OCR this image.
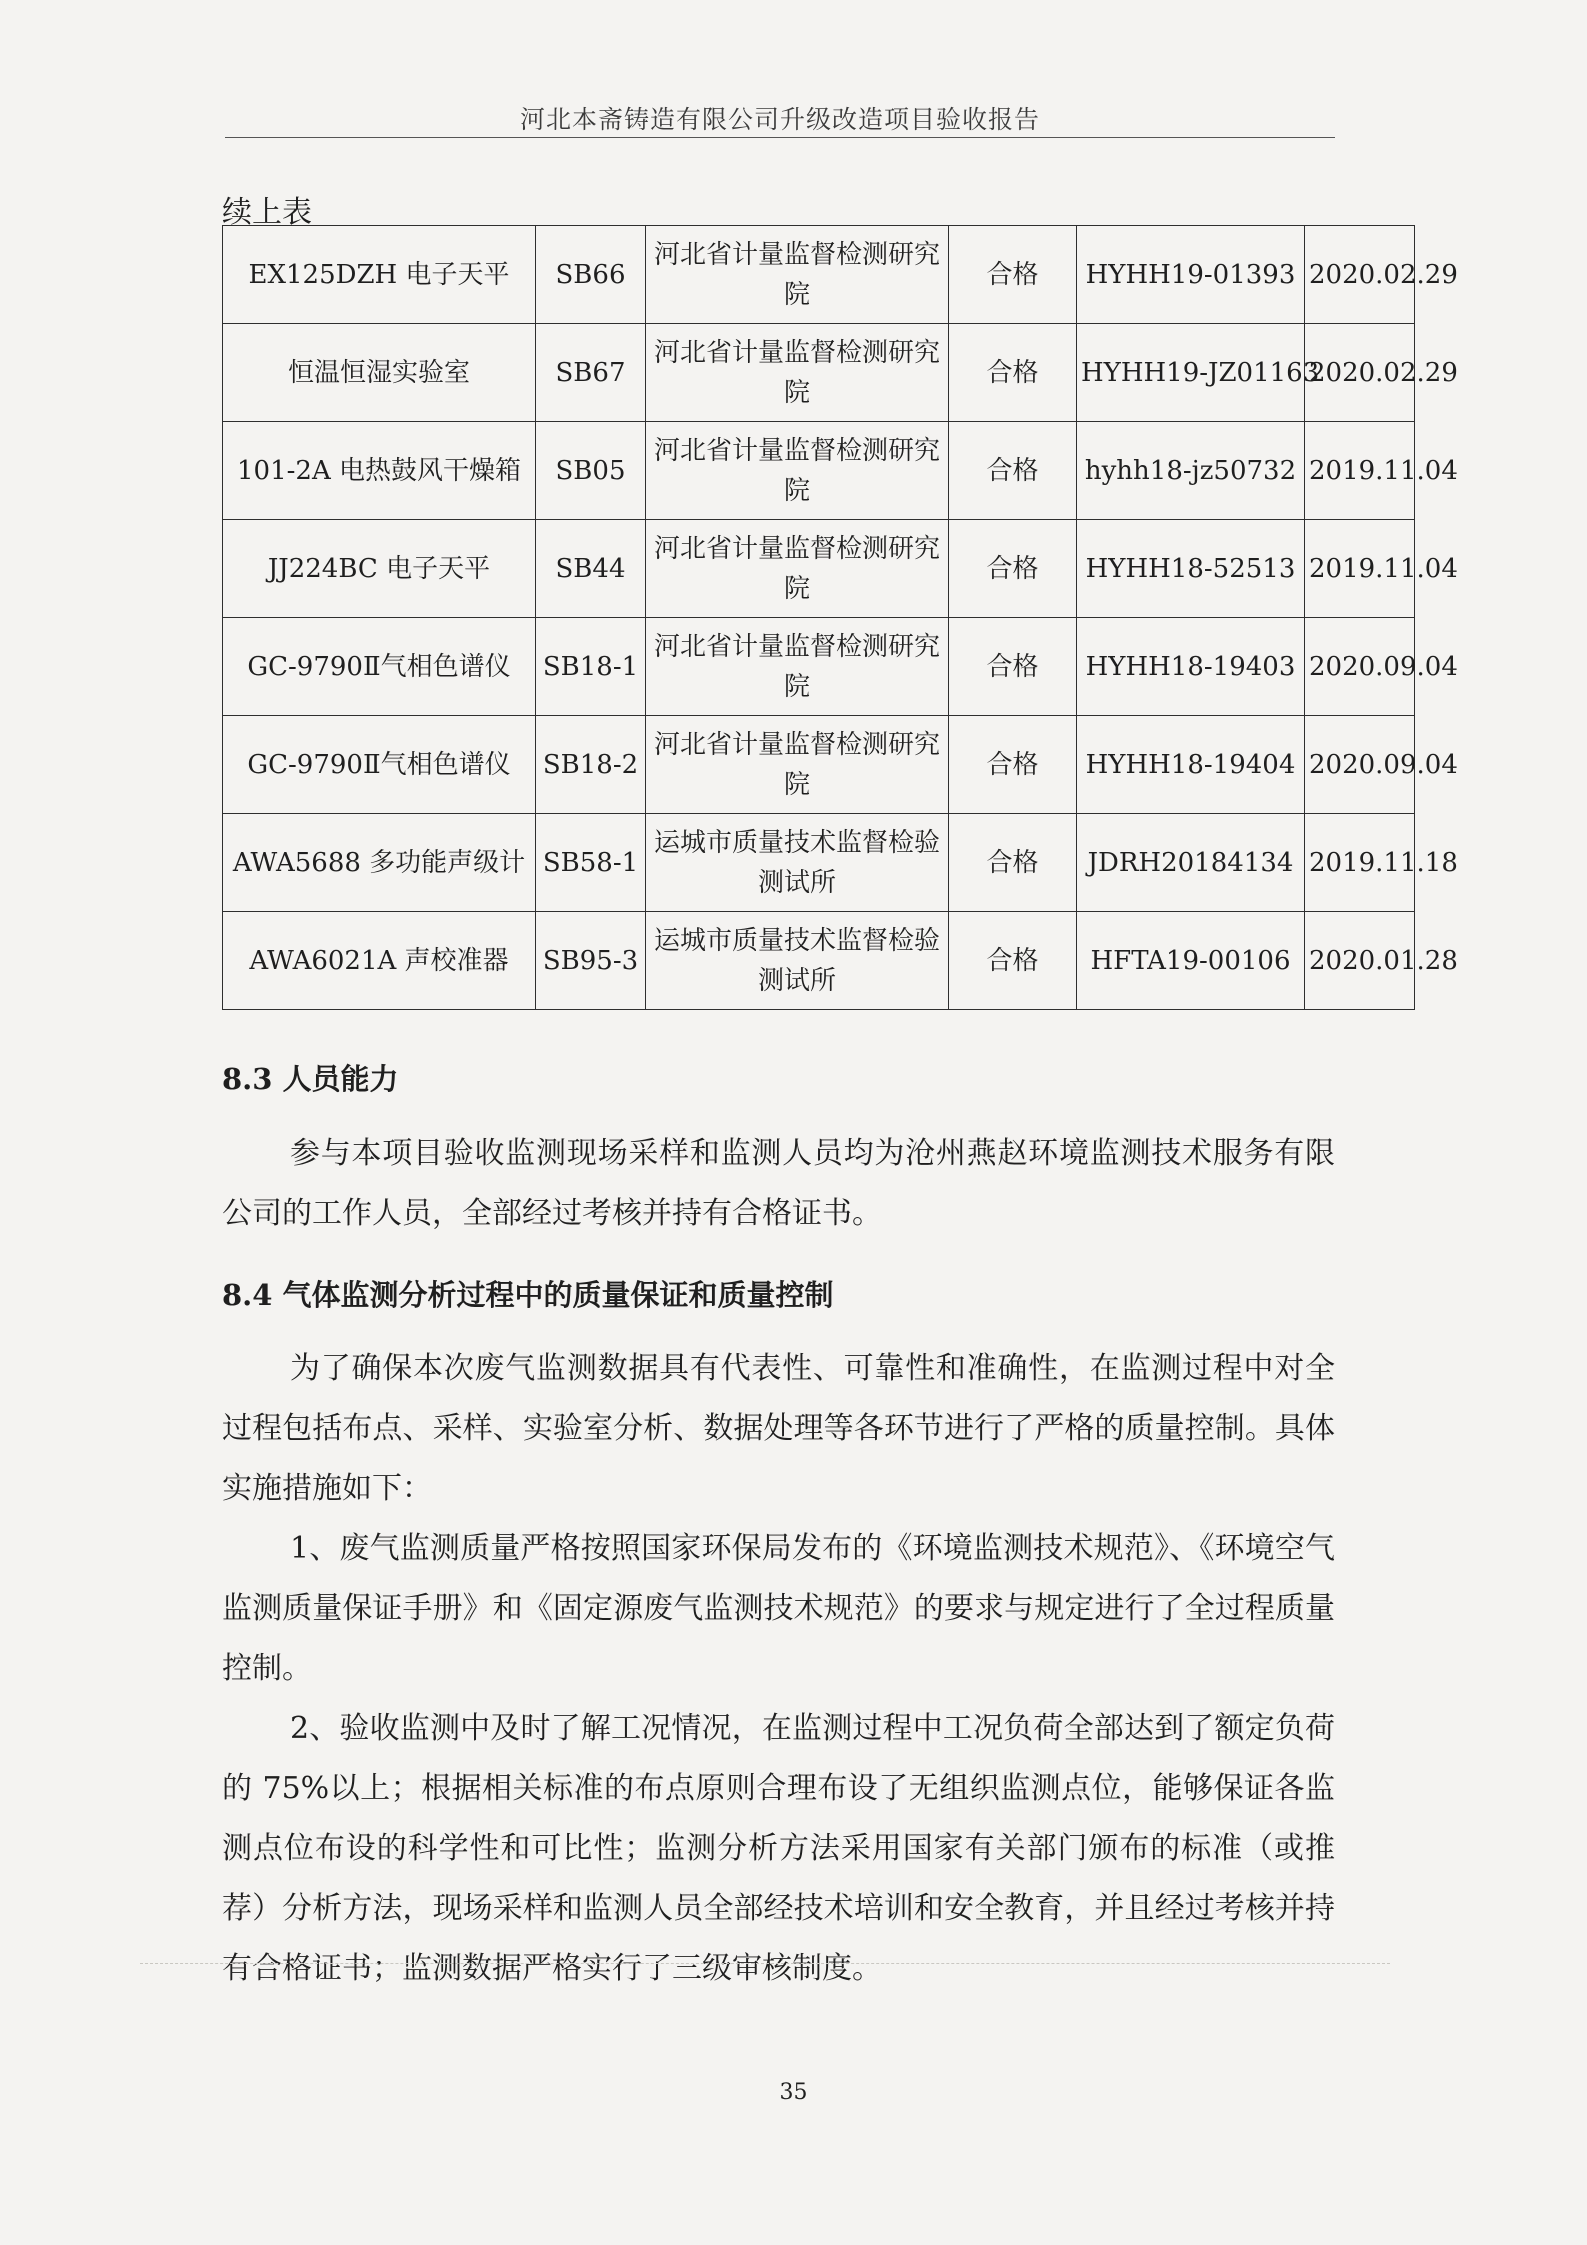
河北本斋铸造有限公司升级改造项目验收报告
续上表
EX125DZH 电子天平	SB66	河北省计量监督检测研究院	合格	HYHH19-01393	2020.02.29
恒温恒湿实验室	SB67	河北省计量监督检测研究院	合格	HYHH19-JZ01163	2020.02.29
101-2A 电热鼓风干燥箱	SB05	河北省计量监督检测研究院	合格	hyhh18-jz50732	2019.11.04
JJ224BC 电子天平	SB44	河北省计量监督检测研究院	合格	HYHH18-52513	2019.11.04
GC-9790Ⅱ气相色谱仪	SB18-1	河北省计量监督检测研究院	合格	HYHH18-19403	2020.09.04
GC-9790Ⅱ气相色谱仪	SB18-2	河北省计量监督检测研究院	合格	HYHH18-19404	2020.09.04
AWA5688 多功能声级计	SB58-1	运城市质量技术监督检验测试所	合格	JDRH20184134	2019.11.18
AWA6021A 声校准器	SB95-3	运城市质量技术监督检验测试所	合格	HFTA19-00106	2020.01.28
8.3 人员能力
参与本项目验收监测现场采样和监测人员均为沧州燕赵环境监测技术服务有限公司的工作人员，全部经过考核并持有合格证书。
8.4 气体监测分析过程中的质量保证和质量控制
为了确保本次废气监测数据具有代表性、可靠性和准确性，在监测过程中对全过程包括布点、采样、实验室分析、数据处理等各环节进行了严格的质量控制。具体实施措施如下：
1、废气监测质量严格按照国家环保局发布的《环境监测技术规范》、《环境空气监测质量保证手册》和《固定源废气监测技术规范》的要求与规定进行了全过程质量控制。
2、验收监测中及时了解工况情况，在监测过程中工况负荷全部达到了额定负荷的 75%以上；根据相关标准的布点原则合理布设了无组织监测点位，能够保证各监测点位布设的科学性和可比性；监测分析方法采用国家有关部门颁布的标准（或推荐）分析方法，现场采样和监测人员全部经技术培训和安全教育，并且经过考核并持有合格证书；监测数据严格实行了三级审核制度。
35
